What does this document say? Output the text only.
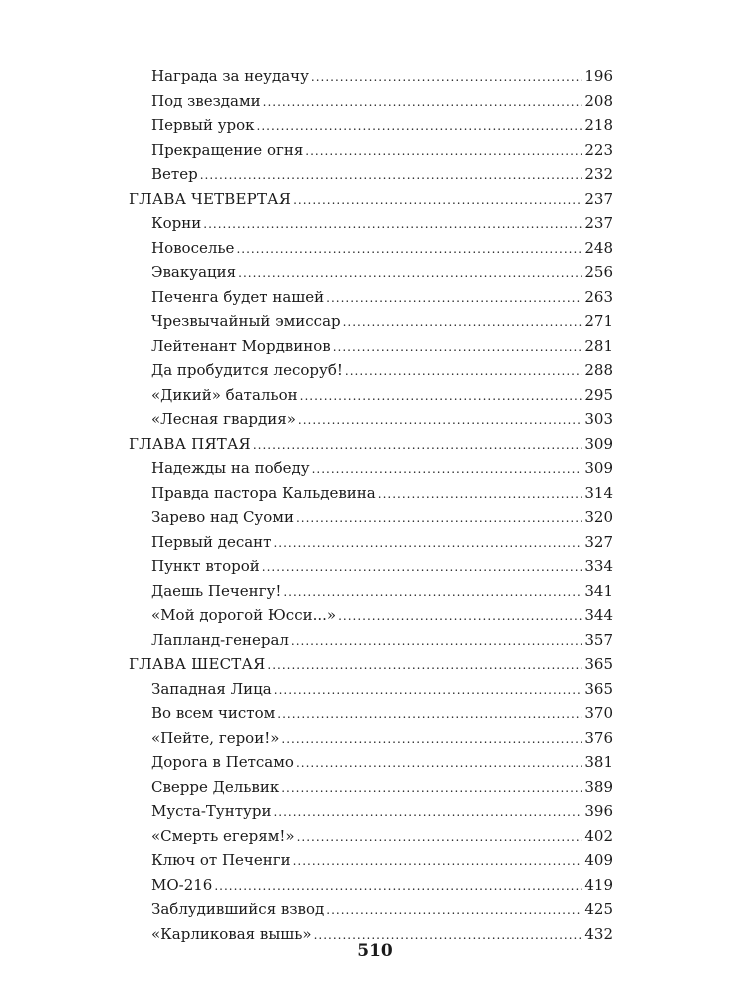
Награда за неудачу .....	196
Под звездами .....	208
Первый урок .....	218
Прекращение огня .....	223
Ветер .....	232
ГЛАВА ЧЕТВЕРТАЯ .....	237
Корни .....	237
Новоселье .....	248
Эвакуация .....	256
Печенга будет нашей .....	263
Чрезвычайный эмиссар .....	271
Лейтенант Мордвинов .....	281
Да пробудится лесоруб! .....	288
«Дикий» батальон .....	295
«Лесная гвардия» .....	303
ГЛАВА ПЯТАЯ .....	309
Надежды на победу .....	309
Правда пастора Кальдевина .....	314
Зарево над Суоми .....	320
Первый десант .....	327
Пункт второй .....	334
Даешь Печенгу! .....	341
«Мой дорогой Юсси...» .....	344
Лапланд-генерал .....	357
ГЛАВА ШЕСТАЯ .....	365
Западная Лица .....	365
Во всем чистом .....	370
«Пейте, герои!» .....	376
Дорога в Петсамо .....	381
Сверре Дельвик .....	389
Муста-Тунтури .....	396
«Смерть егерям!» .....	402
Ключ от Печенги .....	409
МО-216 .....	419
Заблудившийся взвод .....	425
«Карликовая вышь» .....	432
510
